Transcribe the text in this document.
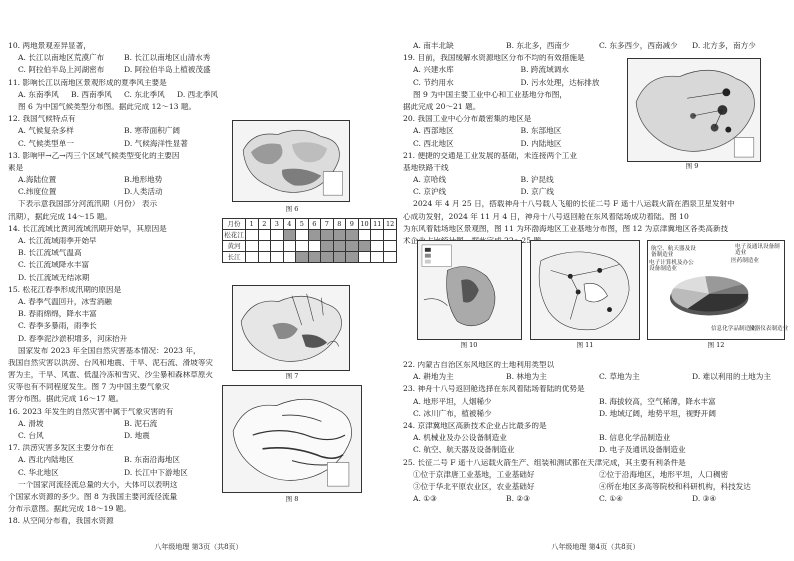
10. 两地景观差异显著，
A. 长江以南地区荒漠广布	B. 长江以南地区山清水秀
C. 阿拉伯半岛上河湖密布	D. 阿拉伯半岛上植被茂盛
11. 影响长江以南地区景观形成的夏季风主要是
A. 东南季风	B. 西南季风	C. 东北季风	D. 西北季风
图 6 为中国气候类型分布图。据此完成 12～13 题。
12. 我国气候特点有
A. 气候复杂多样	B. 寒带面积广阔
C. 气候类型单一	D. 气候海洋性显著
13. 影响甲→乙→丙三个区域气候类型变化的主要因
素是
A.海陆位置	B.地形地势
C.纬度位置	D.人类活动
下表示意我国部分河流汛期（月份） 表示
汛期），据此完成 14～15 题。
14. 长江流域比黄河流域汛期开始早，其原因是
A. 长江流域雨季开始早
B. 长江流域气温高
C. 长江流域降水丰富
D. 长江流域无结冰期
15. 松花江春季形成汛期的原因是
A. 春季气温回升，冰雪消融
B. 春雨绵绵，降水丰富
C. 春季多暴雨，雨季长
D. 春季泥沙淤积增多，河床抬升
国家发布 2023 年全国自然灾害基本情况：2023 年，
我国自然灾害以洪涝、台风和地震、干旱、泥石流、滑坡等灾
害为主，干旱、风雹、低温冷冻和雪灾、沙尘暴和森林草原火
灾等也有不同程度发生。图 7 为中国主要气象灾
害分布图。据此完成 16～17 题。
16. 2023 年发生的自然灾害中属于气象灾害的有
A. 滑坡	B. 泥石流
C. 台风	D. 地震
17. 洪涝灾害多发区主要分布在
A. 西北内陆地区	B. 东南沿海地区
C. 华北地区	D. 长江中下游地区
一个国家河流径流总量的大小，大体可以表明这
个国家水资源的多少。图 8 为我国主要河流径流量
分布示意图。据此完成 18～19 题。
18. 从空间分布看，我国水资源
图 6
月份	1	2	3	4	5	6	7	8	9	10	11	12
松花江												
黄河												
长江												
图 7
图 8
八年级地理 第3页（共8页）
A. 南丰北缺	B. 东北多，西南少	C. 东多西少，西南减少	D. 北方多，南方少
19. 目前，我国缓解水资源地区分布不均的有效措施是
A. 兴建水库	B. 跨流域调水
C. 节约用水	D. 污水处理，达标排放
图 9 为中国主要工业中心和工业基地分布图，
据此完成 20～21 题。
20. 我国工业中心分布最密集的地区是
A. 西部地区	B. 东部地区
C. 西北地区	D. 内陆地区
21. 便捷的交通是工业发展的基础，未连接两个工业
基地铁路干线
A. 京哈线	B. 沪昆线
C. 京沪线	D. 京广线
2024 年 4 月 25 日，搭载神舟十八号载人飞船的长征二号 F 遥十八运载火箭在酒泉卫星发射中
心成功发射，2024 年 11 月 4 日，神舟十八号返回舱在东风着陆场成功着陆。图 10
为东风着陆场地区景观图，图 11 为环渤海地区工业基地分布图，图 12 为京津冀地区各类高新技
术企业占比统计图。据此完成 22～25 题。
22. 内蒙古自治区东风地区的土地利用类型以
A. 耕地为主	B. 林地为主	C. 草地为主	D. 难以利用的土地为主
23. 神舟十八号返回舱选择在东风着陆场着陆的优势是
A. 地形平坦，人烟稀少	B. 海拔较高，空气稀薄，降水丰富
C. 冰川广布，植被稀少	D. 地域辽阔，地势平坦，视野开阔
24. 京津冀地区高新技术企业占比最多的是
A. 机械业及办公设备制造业	B. 信息化学品制造业
C. 航空、航天器及设备制造业	D. 电子及通讯设备制造业
25. 长征二号 F 遥十八运载火箭生产、组装和测试都在天津完成，其主要有利条件是
①位于京津唐工业基地，工业基础好	②位于沿海地区，地形平坦，人口稠密
③位于华北平原农业区，农业基础好	④所在地区多高等院校和科研机构，科技发达
A. ①③	B. ②③	C. ①④	D. ③④
图 9
图 10	图 11
电子及通讯设备制造业
医药制造业
航空、航天器及设备制造业
电子计算机及办公设备制造业
仪器仪表制造业
信息化学品制造业
图 12
八年级地理 第4页（共8页）
